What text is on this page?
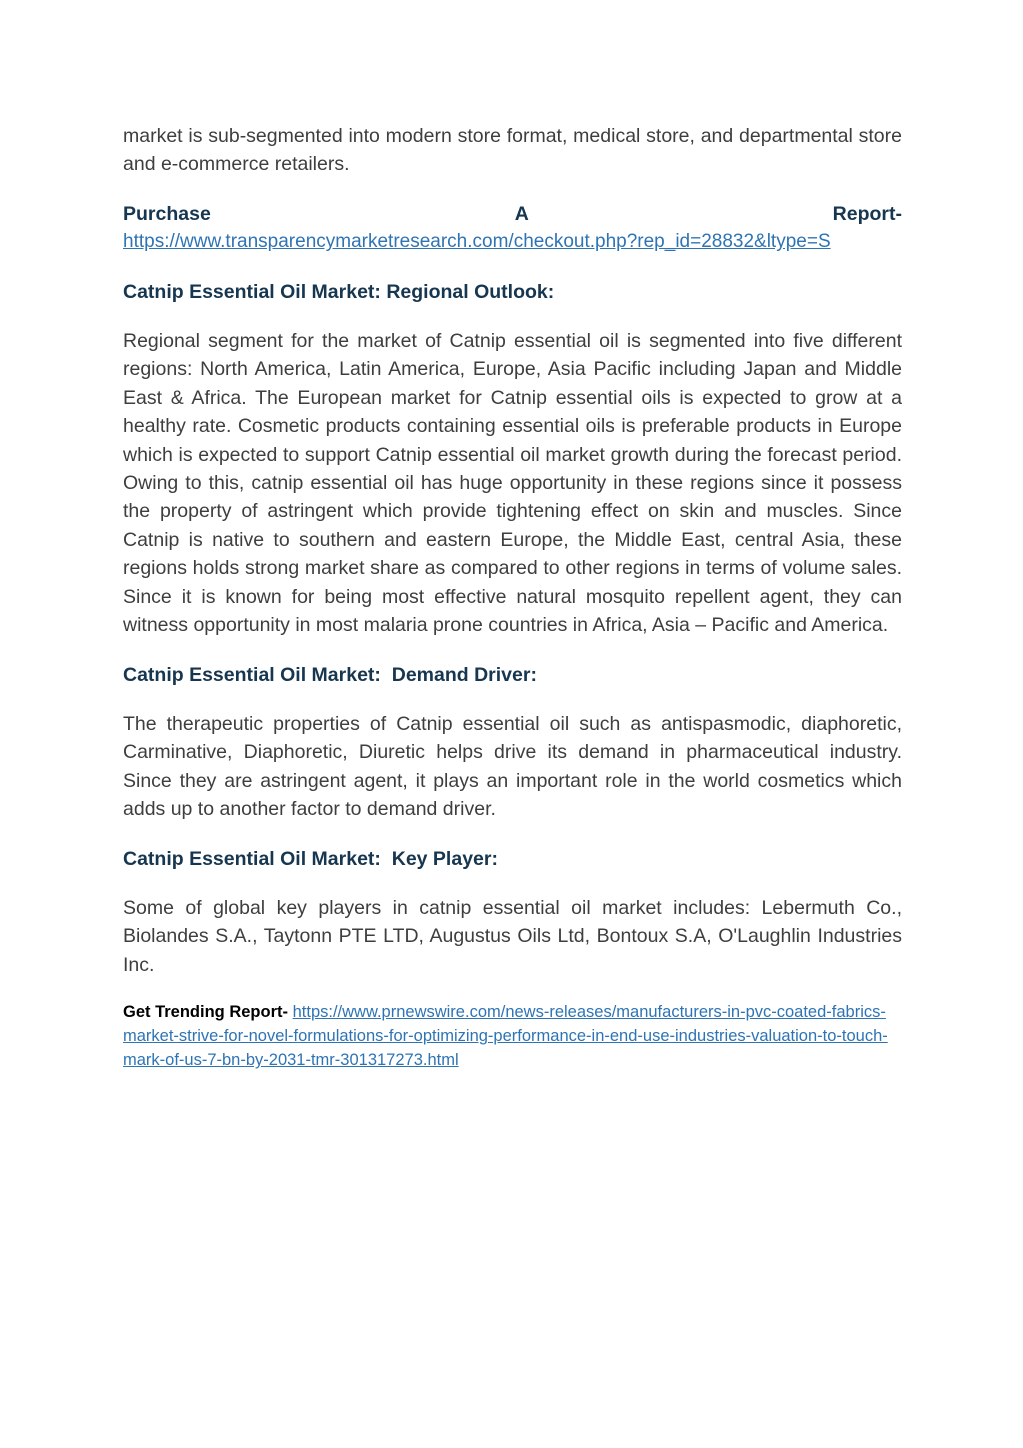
market is sub-segmented into modern store format, medical store, and departmental store and e-commerce retailers.

Purchase	A	Report-
https://www.transparencymarketresearch.com/checkout.php?rep_id=28832&ltype=S
Catnip Essential Oil Market: Regional Outlook:

Regional segment for the market of Catnip essential oil is segmented into five different regions: North America, Latin America, Europe, Asia Pacific including Japan and Middle East & Africa. The European market for Catnip essential oils is expected to grow at a healthy rate. Cosmetic products containing essential oils is preferable products in Europe which is expected to support Catnip essential oil market growth during the forecast period. Owing to this, catnip essential oil has huge opportunity in these regions since it possess the property of astringent which provide tightening effect on skin and muscles. Since Catnip is native to southern and eastern Europe, the Middle East, central Asia, these regions holds strong market share as compared to other regions in terms of volume sales. Since it is known for being most effective natural mosquito repellent agent, they can witness opportunity in most malaria prone countries in Africa, Asia – Pacific and America.

Catnip Essential Oil Market:  Demand Driver:

The therapeutic properties of Catnip essential oil such as antispasmodic, diaphoretic, Carminative, Diaphoretic, Diuretic helps drive its demand in pharmaceutical industry. Since they are astringent agent, it plays an important role in the world cosmetics which adds up to another factor to demand driver.

Catnip Essential Oil Market:  Key Player:

Some of global key players in catnip essential oil market includes: Lebermuth Co., Biolandes S.A., Taytonn PTE LTD, Augustus Oils Ltd, Bontoux S.A, O'Laughlin Industries Inc.

Get Trending Report- https://www.prnewswire.com/news-releases/manufacturers-in-pvc-coated-fabrics-market-strive-for-novel-formulations-for-optimizing-performance-in-end-use-industries-valuation-to-touch-mark-of-us-7-bn-by-2031-tmr-301317273.html
